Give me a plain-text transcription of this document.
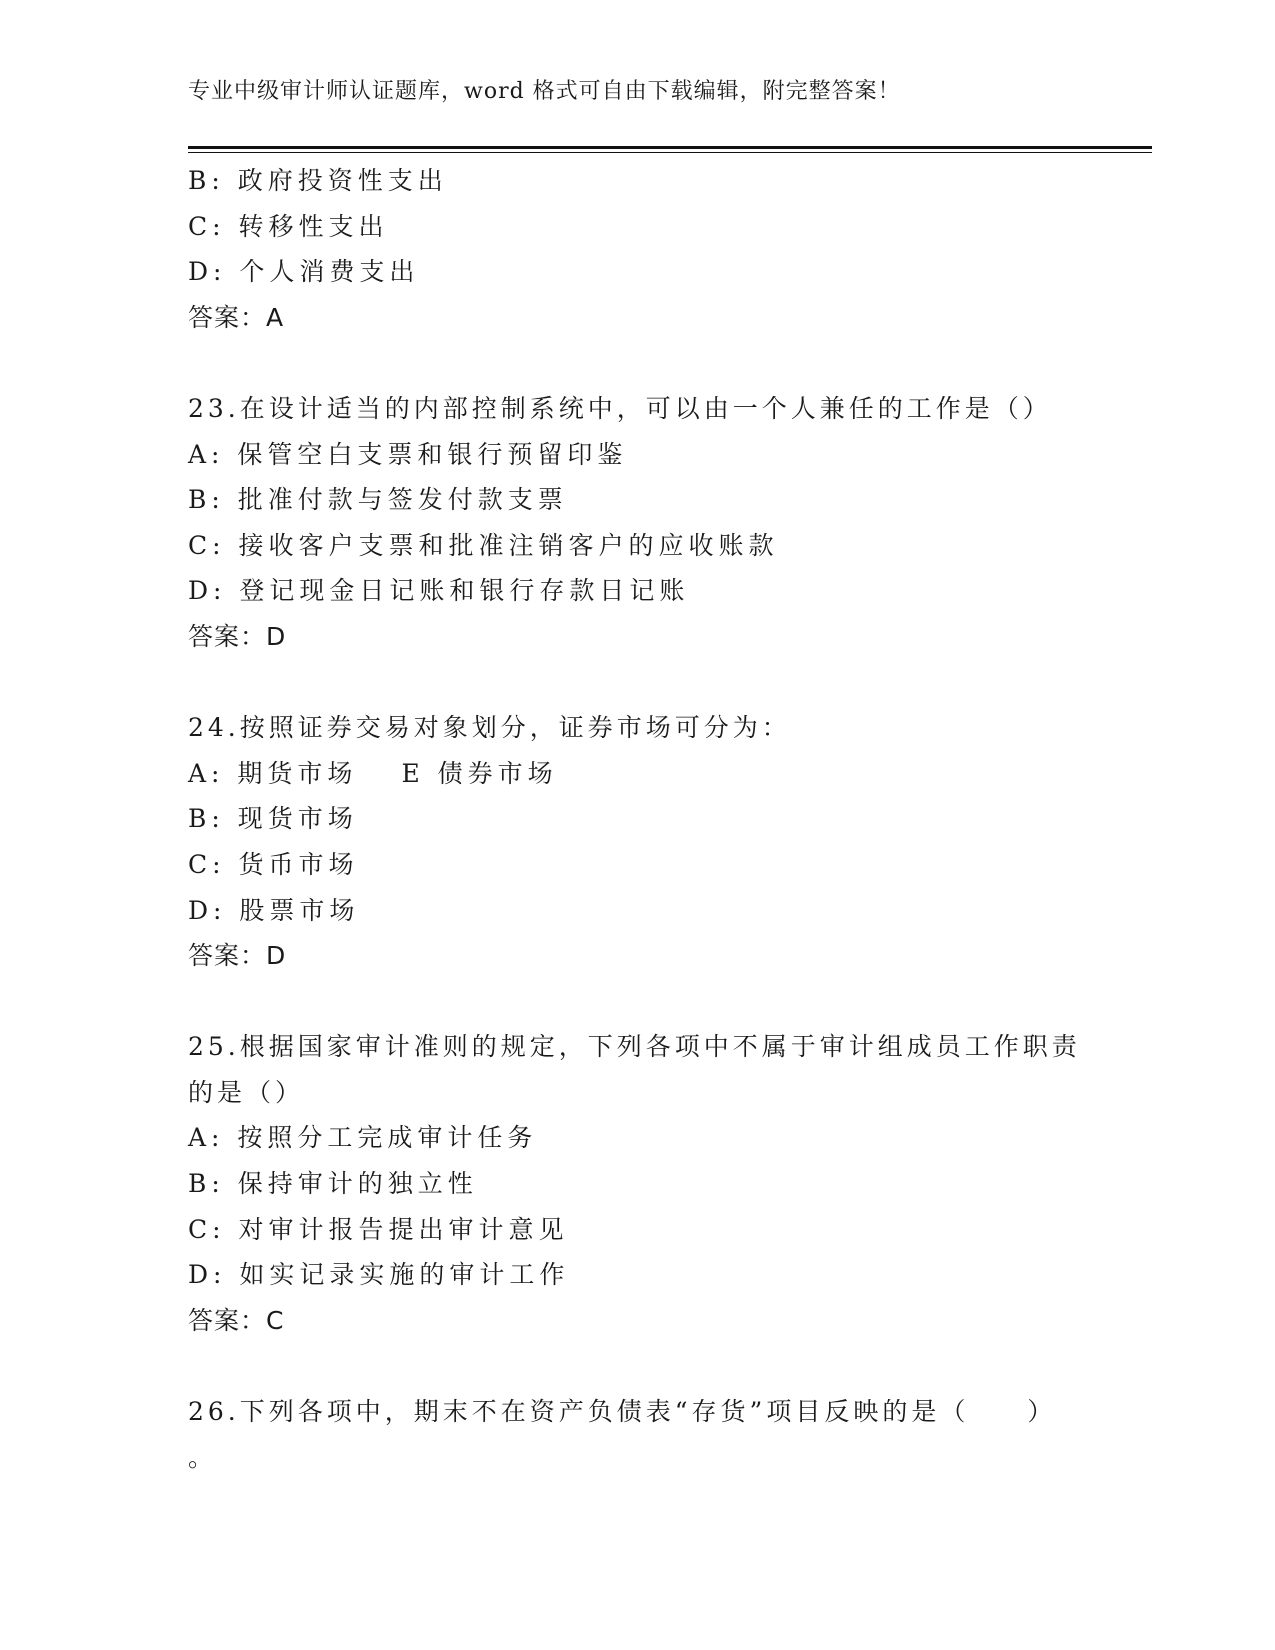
专业中级审计师认证题库，word 格式可自由下载编辑，附完整答案！
B: 政府投资性支出
C: 转移性支出
D: 个人消费支出
答案：A
23.在设计适当的内部控制系统中，可以由一个人兼任的工作是（）
A: 保管空白支票和银行预留印鉴
B: 批准付款与签发付款支票
C: 接收客户支票和批准注销客户的应收账款
D: 登记现金日记账和银行存款日记账
答案：D
24.按照证券交易对象划分，证券市场可分为：
A: 期货市场 E 债券市场
B: 现货市场
C: 货币市场
D: 股票市场
答案：D
25.根据国家审计准则的规定，下列各项中不属于审计组成员工作职责
的是（）
A: 按照分工完成审计任务
B: 保持审计的独立性
C: 对审计报告提出审计意见
D: 如实记录实施的审计工作
答案：C
26.下列各项中，期末不在资产负债表“存货”项目反映的是（　　）
。
